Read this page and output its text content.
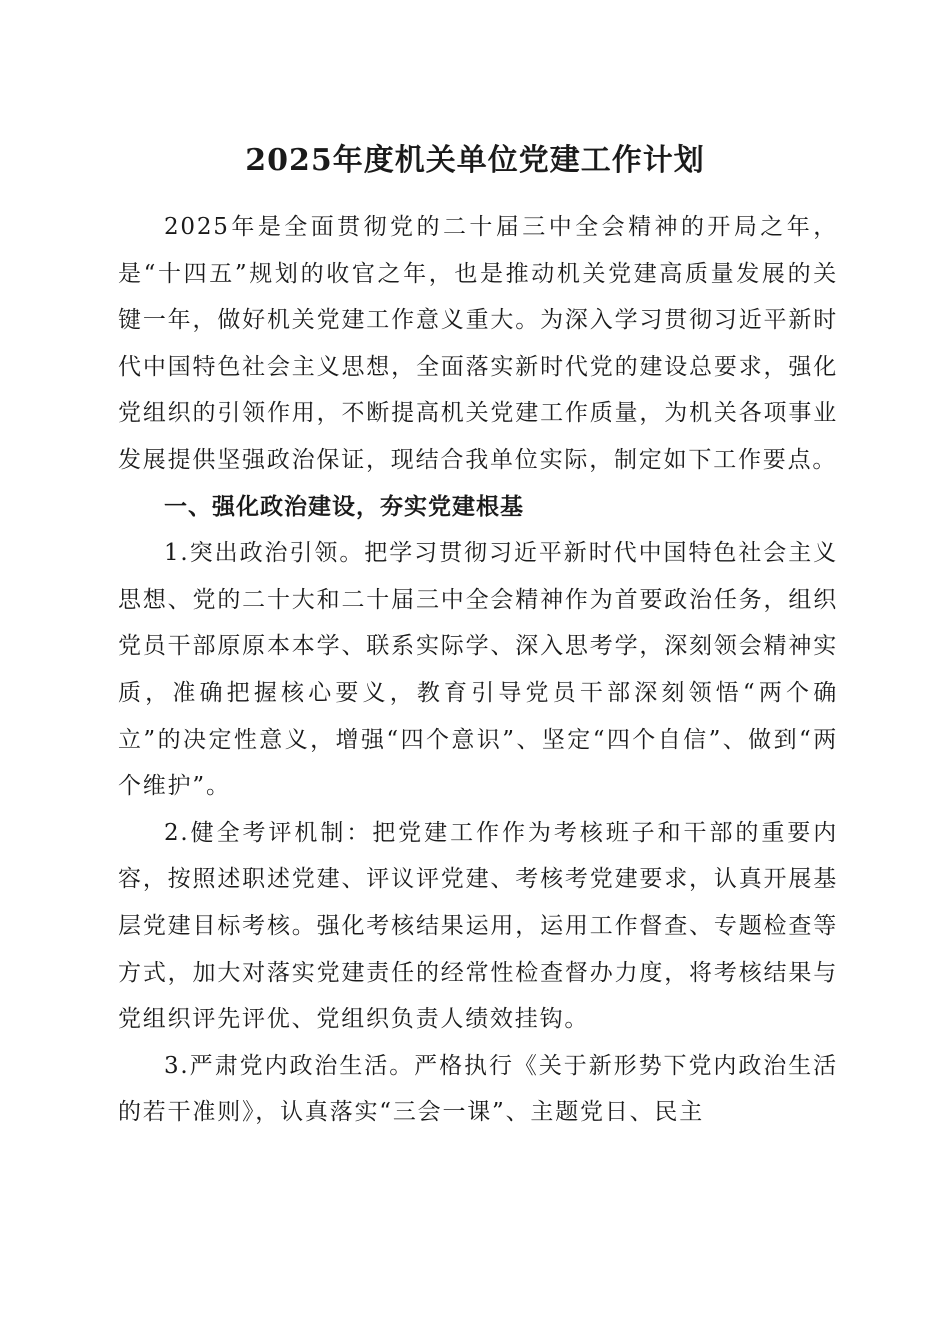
2025年度机关单位党建工作计划

2025年是全面贯彻党的二十届三中全会精神的开局之年，是“十四五”规划的收官之年，也是推动机关党建高质量发展的关键一年，做好机关党建工作意义重大。为深入学习贯彻习近平新时代中国特色社会主义思想，全面落实新时代党的建设总要求，强化党组织的引领作用，不断提高机关党建工作质量，为机关各项事业发展提供坚强政治保证，现结合我单位实际，制定如下工作要点。

一、强化政治建设，夯实党建根基

1.突出政治引领。把学习贯彻习近平新时代中国特色社会主义思想、党的二十大和二十届三中全会精神作为首要政治任务，组织党员干部原原本本学、联系实际学、深入思考学，深刻领会精神实质，准确把握核心要义，教育引导党员干部深刻领悟“两个确立”的决定性意义，增强“四个意识”、坚定“四个自信”、做到“两个维护”。

2.健全考评机制：把党建工作作为考核班子和干部的重要内容，按照述职述党建、评议评党建、考核考党建要求，认真开展基层党建目标考核。强化考核结果运用，运用工作督查、专题检查等方式，加大对落实党建责任的经常性检查督办力度，将考核结果与党组织评先评优、党组织负责人绩效挂钩。

3.严肃党内政治生活。严格执行《关于新形势下党内政治生活的若干准则》，认真落实“三会一课”、主题党日、民主
